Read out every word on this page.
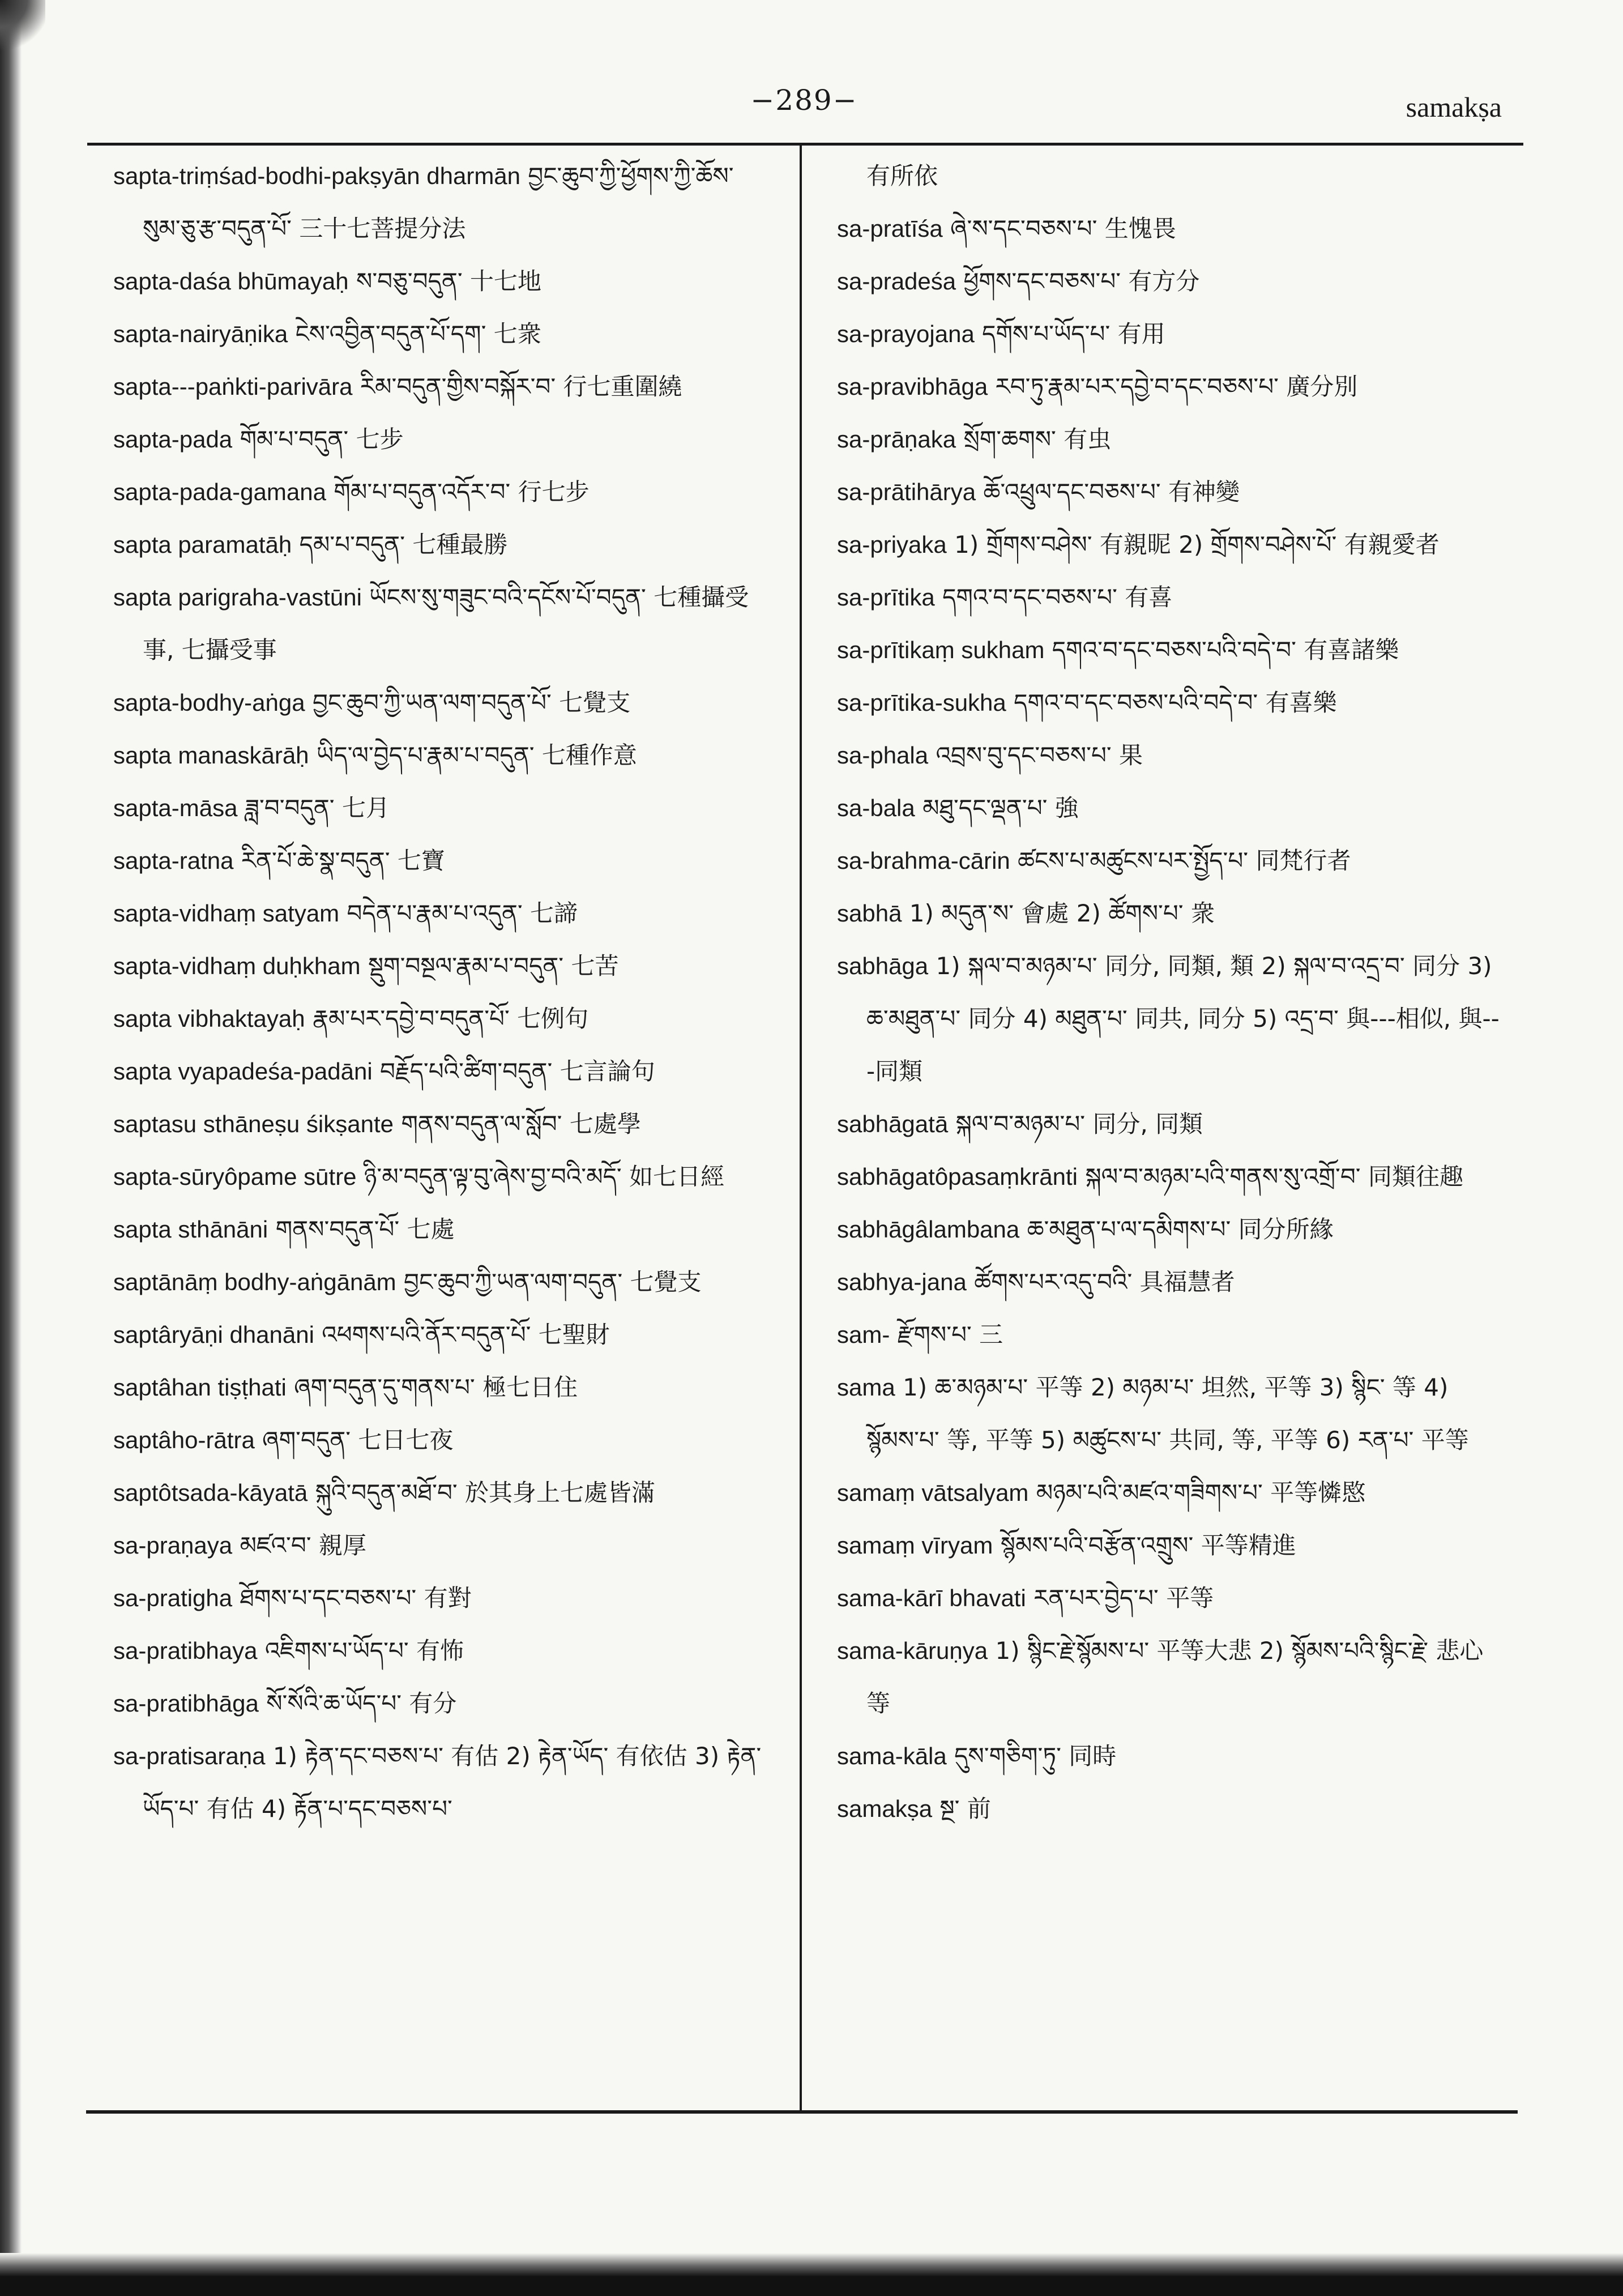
−289−	samakṣa
sapta-triṃśad-bodhi-pakṣyān dharmān བྱང་ཆུབ་ཀྱི་ཕྱོགས་ཀྱི་ཆོས་སུམ་ཅུ་རྩ་བདུན་པོ་ 三十七菩提分法
sapta-daśa bhūmayaḥ ས་བཅུ་བདུན་ 十七地
sapta-nairyāṇika ངེས་འབྱིན་བདུན་པོ་དག་ 七衆
sapta---paṅkti-parivāra རིམ་བདུན་གྱིས་བསྐོར་བ་ 行七重圍繞
sapta-pada གོམ་པ་བདུན་ 七步
sapta-pada-gamana གོམ་པ་བདུན་འདོར་བ་ 行七步
sapta paramatāḥ དམ་པ་བདུན་ 七種最勝
sapta parigraha-vastūni ཡོངས་སུ་གཟུང་བའི་དངོས་པོ་བདུན་ 七種攝受事, 七攝受事
sapta-bodhy-aṅga བྱང་ཆུབ་ཀྱི་ཡན་ལག་བདུན་པོ་ 七覺支
sapta manaskārāḥ ཡིད་ལ་བྱེད་པ་རྣམ་པ་བདུན་ 七種作意
sapta-māsa ཟླ་བ་བདུན་ 七月
sapta-ratna རིན་པོ་ཆེ་སྣ་བདུན་ 七寶
sapta-vidhaṃ satyam བདེན་པ་རྣམ་པ་འདུན་ 七諦
sapta-vidhaṃ duḥkham སྡུག་བསྔལ་རྣམ་པ་བདུན་ 七苦
sapta vibhaktayaḥ རྣམ་པར་དབྱེ་བ་བདུན་པོ་ 七例句
sapta vyapadeśa-padāni བརྗོད་པའི་ཚིག་བདུན་ 七言論句
saptasu sthāneṣu śikṣante གནས་བདུན་ལ་སློབ་ 七處學
sapta-sūryôpame sūtre ཉི་མ་བདུན་ལྟ་བུ་ཞེས་བྱ་བའི་མདོ་ 如七日經
sapta sthānāni གནས་བདུན་པོ་ 七處
saptānāṃ bodhy-aṅgānām བྱང་ཆུབ་ཀྱི་ཡན་ལག་བདུན་ 七覺支
saptâryāṇi dhanāni འཕགས་པའི་ནོར་བདུན་པོ་ 七聖財
saptâhan tiṣṭhati ཞག་བདུན་དུ་གནས་པ་ 極七日住
saptâho-rātra ཞག་བདུན་ 七日七夜
saptôtsada-kāyatā སྐུའི་བདུན་མཐོ་བ་ 於其身上七處皆滿
sa-praṇaya མཛའ་བ་ 親厚
sa-pratigha ཐོགས་པ་དང་བཅས་པ་ 有對
sa-pratibhaya འཇིགས་པ་ཡོད་པ་ 有怖
sa-pratibhāga སོ་སོའི་ཆ་ཡོད་པ་ 有分
sa-pratisaraṇa 1) རྟེན་དང་བཅས་པ་ 有估 2) རྟེན་ཡོད་ 有依估 3) རྟེན་ཡོད་པ་ 有估 4) རྟོན་པ་དང་བཅས་པ་
有所依
sa-pratīśa ཞེ་ས་དང་བཅས་པ་ 生愧畏
sa-pradeśa ཕྱོགས་དང་བཅས་པ་ 有方分
sa-prayojana དགོས་པ་ཡོད་པ་ 有用
sa-pravibhāga རབ་ཏུ་རྣམ་པར་དབྱེ་བ་དང་བཅས་པ་ 廣分別
sa-prāṇaka སྲོག་ཆགས་ 有虫
sa-prātihārya ཆོ་འཕྲུལ་དང་བཅས་པ་ 有神變
sa-priyaka 1) གྲོགས་བཤེས་ 有親昵 2) གྲོགས་བཤེས་པོ་ 有親愛者
sa-prītika དགའ་བ་དང་བཅས་པ་ 有喜
sa-prītikaṃ sukham དགའ་བ་དང་བཅས་པའི་བདེ་བ་ 有喜諸樂
sa-prītika-sukha དགའ་བ་དང་བཅས་པའི་བདེ་བ་ 有喜樂
sa-phala འབྲས་བུ་དང་བཅས་པ་ 果
sa-bala མཐུ་དང་ལྡན་པ་ 強
sa-brahma-cārin ཚངས་པ་མཚུངས་པར་སྤྱོད་པ་ 同梵行者
sabhā 1) མདུན་ས་ 會處 2) ཚོགས་པ་ 衆
sabhāga 1) སྐལ་བ་མཉམ་པ་ 同分, 同類, 類 2) སྐལ་བ་འདྲ་བ་ 同分 3) ཆ་མཐུན་པ་ 同分 4) མཐུན་པ་ 同共, 同分 5) འདྲ་བ་ 與---相似, 與---同類
sabhāgatā སྐལ་བ་མཉམ་པ་ 同分, 同類
sabhāgatôpasaṃkrānti སྐལ་བ་མཉམ་པའི་གནས་སུ་འགྲོ་བ་ 同類往趣
sabhāgâlambana ཆ་མཐུན་པ་ལ་དམིགས་པ་ 同分所緣
sabhya-jana ཚོགས་པར་འདུ་བའི་ 具福慧者
sam- རྫོགས་པ་ 三
sama 1) ཆ་མཉམ་པ་ 平等 2) མཉམ་པ་ 坦然, 平等 3) སྙིང་ 等 4) སྙོམས་པ་ 等, 平等 5) མཚུངས་པ་ 共同, 等, 平等 6) རན་པ་ 平等
samaṃ vātsalyam མཉམ་པའི་མཛའ་གཟིགས་པ་ 平等憐愍
samaṃ vīryam སྙོམས་པའི་བརྩོན་འགྲུས་ 平等精進
sama-kārī bhavati རན་པར་བྱེད་པ་ 平等
sama-kāruṇya 1) སྙིང་རྗེ་སྙོམས་པ་ 平等大悲 2) སྙོམས་པའི་སྙིང་རྗེ་ 悲心等
sama-kāla དུས་གཅིག་ཏུ་ 同時
samakṣa སྔ་ 前
